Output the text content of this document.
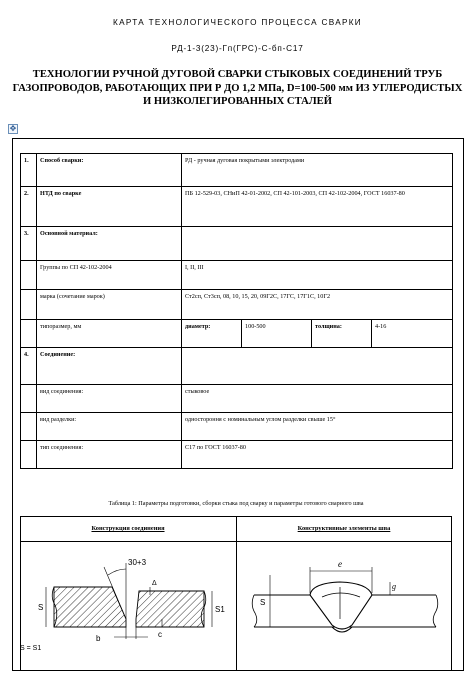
КАРТА ТЕХНОЛОГИЧЕСКОГО ПРОЦЕССА СВАРКИ
РД-1-3(23)-Гп(ГРС)-С-бп-С17
ТЕХНОЛОГИИ РУЧНОЙ ДУГОВОЙ СВАРКИ СТЫКОВЫХ СОЕДИНЕНИЙ ТРУБ ГАЗОПРОВОДОВ, РАБОТАЮЩИХ ПРИ Р ДО 1,2 МПа, D=100-500 мм ИЗ УГЛЕРОДИСТЫХ И НИЗКОЛЕГИРОВАННЫХ СТАЛЕЙ
✥
1.	Способ сварки:	РД - ручная дуговая покрытыми электродами			
2.	НТД по сварке	ПБ 12-529-03, СНиП 42-01-2002, СП 42-101-2003, СП 42-102-2004, ГОСТ 16037-80			
3.	Основной материал:				
	Группы по СП 42-102-2004	I, II, III			
	марка (сочетание марок)	Ст2сп, Ст3сп, 08, 10, 15, 20, 09Г2С, 17ГС, 17Г1С, 10Г2			
	типоразмер, мм	диаметр:	100-500	толщина:	4-16
4.	Соединение:				
	вид соединения:	стыковое			
	вид разделки:	одностороння с номинальным углом разделки свыше 15°			
	тип соединения:	С17 по ГОСТ 16037-80			
Таблица 1: Параметры подготовки, сборки стыка под сварку и параметры готового сварного шва
Конструкция соединения	Конструктивные элементы шва
30+3
Δ
S	S1
b	c
e
g
S
S = S1
